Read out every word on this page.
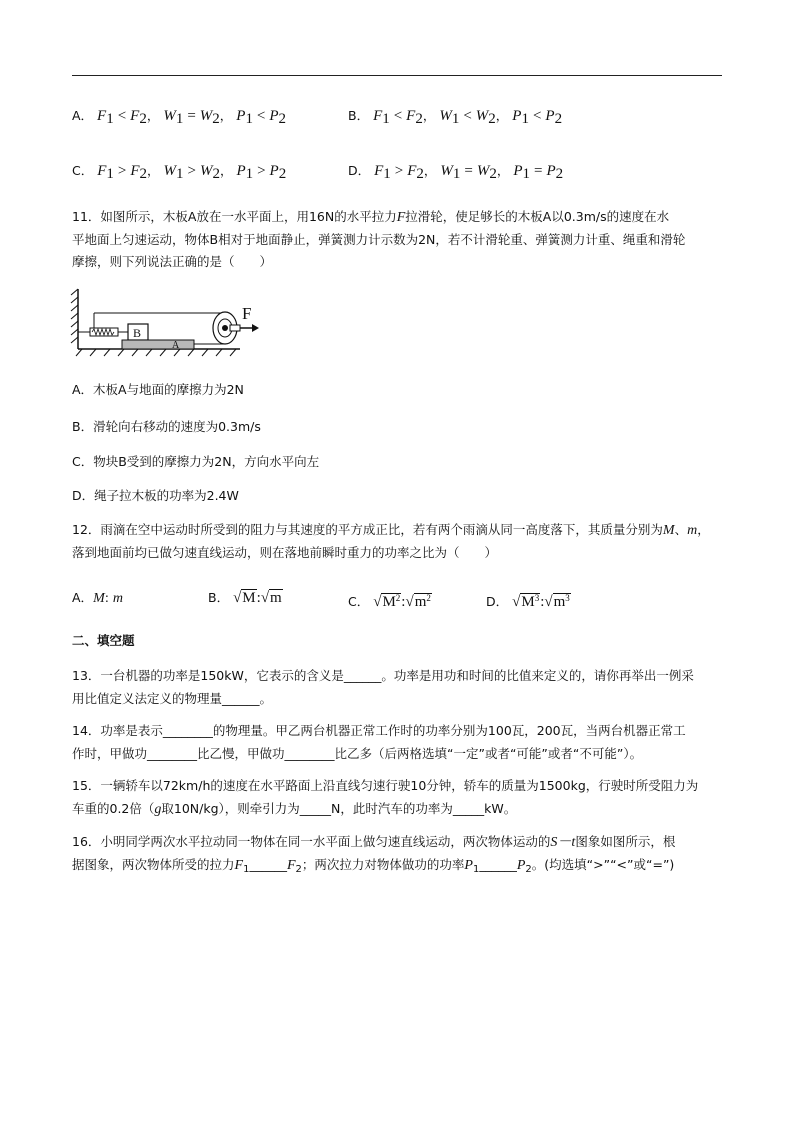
A． $F_1 < F_2$， $W_1 = W_2$， $P_1 < P_2$	B． $F_1 < F_2$， $W_1 < W_2$， $P_1 < P_2$
C． $F_1 > F_2$， $W_1 > W_2$， $P_1 > P_2$	D． $F_1 > F_2$， $W_1 = W_2$， $P_1 = P_2$
11．如图所示，木板A放在一水平面上，用16N的水平拉力F拉滑轮，使足够长的木板A以0.3m/s的速度在水
平地面上匀速运动，物体B相对于地面静止，弹簧测力计示数为2N，若不计滑轮重、弹簧测力计重、绳重和滑轮
摩擦，则下列说法正确的是（　　）
B
A
F
A．木板A与地面的摩擦力为2N
B．滑轮向右移动的速度为0.3m/s
C．物块B受到的摩擦力为2N，方向水平向左
D．绳子拉木板的功率为2.4W
12．雨滴在空中运动时所受到的阻力与其速度的平方成正比，若有两个雨滴从同一高度落下，其质量分别为M、m，
落到地面前均已做匀速直线运动，则在落地前瞬时重力的功率之比为（　　）
A．M: m	B． √M:√m	C． $√M^2:√m^2$	D． $√M^3:√m^3$
二、填空题
13．一台机器的功率是150kW，它表示的含义是______。功率是用功和时间的比值来定义的，请你再举出一例采
用比值定义法定义的物理量______。
14．功率是表示________的物理量。甲乙两台机器正常工作时的功率分别为100瓦，200瓦，当两台机器正常工
作时，甲做功________比乙慢，甲做功________比乙多（后两格选填“一定”或者“可能”或者“不可能”）。
15．一辆轿车以72km/h的速度在水平路面上沿直线匀速行驶10分钟，轿车的质量为1500kg，行驶时所受阻力为
车重的0.2倍（g取10N/kg），则牵引力为_____N，此时汽车的功率为_____kW。
16．小明同学两次水平拉动同一物体在同一水平面上做匀速直线运动，两次物体运动的S－t图象如图所示，根
据图象，两次物体所受的拉力$F_1\_\_\_\_\_\_F_2$；两次拉力对物体做功的功率$P_1\_\_\_\_\_\_P_2$。(均选填“>”“<”或“=”)
